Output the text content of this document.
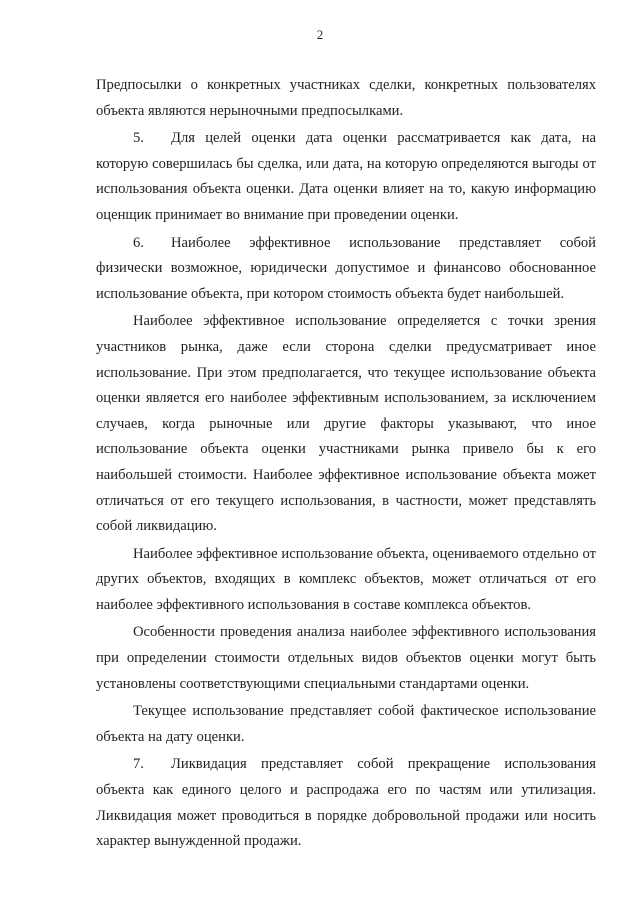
2

Предпосылки о конкретных участниках сделки, конкретных пользователях объекта являются нерыночными предпосылками.

5. Для целей оценки дата оценки рассматривается как дата, на которую совершилась бы сделка, или дата, на которую определяются выгоды от использования объекта оценки. Дата оценки влияет на то, какую информацию оценщик принимает во внимание при проведении оценки.

6. Наиболее эффективное использование представляет собой физически возможное, юридически допустимое и финансово обоснованное использование объекта, при котором стоимость объекта будет наибольшей.

Наиболее эффективное использование определяется с точки зрения участников рынка, даже если сторона сделки предусматривает иное использование. При этом предполагается, что текущее использование объекта оценки является его наиболее эффективным использованием, за исключением случаев, когда рыночные или другие факторы указывают, что иное использование объекта оценки участниками рынка привело бы к его наибольшей стоимости. Наиболее эффективное использование объекта может отличаться от его текущего использования, в частности, может представлять собой ликвидацию.

Наиболее эффективное использование объекта, оцениваемого отдельно от других объектов, входящих в комплекс объектов, может отличаться от его наиболее эффективного использования в составе комплекса объектов.

Особенности проведения анализа наиболее эффективного использования при определении стоимости отдельных видов объектов оценки могут быть установлены соответствующими специальными стандартами оценки.

Текущее использование представляет собой фактическое использование объекта на дату оценки.

7. Ликвидация представляет собой прекращение использования объекта как единого целого и распродажа его по частям или утилизация. Ликвидация может проводиться в порядке добровольной продажи или носить характер вынужденной продажи.
